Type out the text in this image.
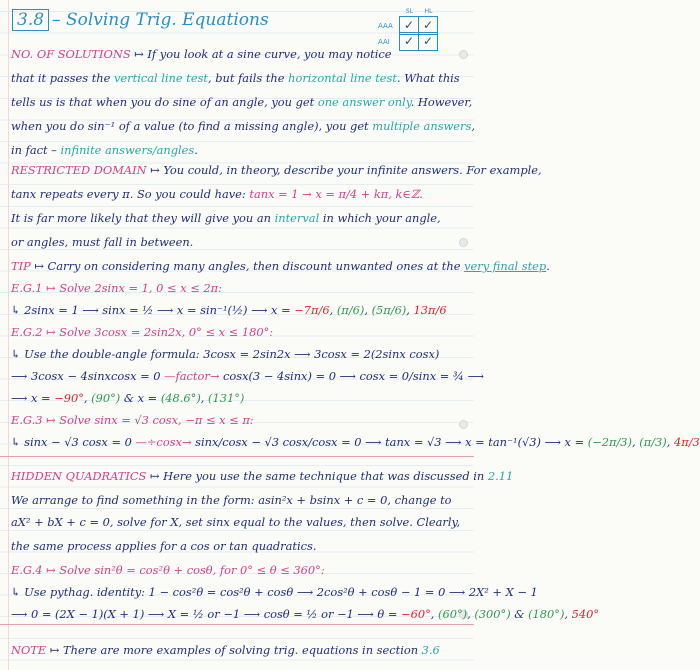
3.8 – Solving Trig. Equations	SL	HL
AAA ✓ ✓
AAI	✓ ✓
NO. OF SOLUTIONS ↦ If you look at a sine curve, you may notice
that it passes the vertical line test, but fails the horizontal line test. What this
tells us is that when you do sine of an angle, you get one answer only. However,
when you do sin⁻¹ of a value (to find a missing angle), you get multiple answers,
in fact – infinite answers/angles.
RESTRICTED DOMAIN ↦ You could, in theory, describe your infinite answers. For example,
tanx repeats every π. So you could have: tanx = 1 → x = π/4 + kπ, k∈ℤ.
It is far more likely that they will give you an interval in which your angle,
or angles, must fall in between.
TIP ↦ Carry on considering many angles, then discount unwanted ones at the very final step.
E.G.1 ↦ Solve 2sinx = 1, 0 ≤ x ≤ 2π:
↳ 2sinx = 1 ⟶ sinx = ½ ⟶ x = sin⁻¹(½) ⟶ x = −7π/6, (π/6), (5π/6), 13π/6
E.G.2 ↦ Solve 3cosx = 2sin2x, 0° ≤ x ≤ 180°:
↳ Use the double-angle formula: 3cosx = 2sin2x ⟶ 3cosx = 2(2sinx cosx)
⟶ 3cosx − 4sinxcosx = 0 —factor→ cosx(3 − 4sinx) = 0 ⟶ cosx = 0/sinx = ¾ ⟶
⟶ x = −90°, (90°) & x = (48.6°), (131°)
E.G.3 ↦ Solve sinx = √3 cosx, −π ≤ x ≤ π:
↳ sinx − √3 cosx = 0 —÷cosx→ sinx/cosx − √3 cosx/cosx = 0 ⟶ tanx = √3 ⟶ x = tan⁻¹(√3) ⟶ x = (−2π/3), (π/3), 4π/3
HIDDEN QUADRATICS ↦ Here you use the same technique that was discussed in 2.11
We arrange to find something in the form: asin²x + bsinx + c = 0, change to
aX² + bX + c = 0, solve for X, set sinx equal to the values, then solve. Clearly,
the same process applies for a cos or tan quadratics.
E.G.4 ↦ Solve sin²θ = cos²θ + cosθ, for 0° ≤ θ ≤ 360°:
↳ Use pythag. identity: 1 − cos²θ = cos²θ + cosθ ⟶ 2cos²θ + cosθ − 1 = 0 ⟶ 2X² + X − 1
⟶ 0 = (2X − 1)(X + 1) ⟶ X = ½ or −1 ⟶ cosθ = ½ or −1 ⟶ θ = −60°, (60°), (300°) & (180°), 540°
NOTE ↦ There are more examples of solving trig. equations in section 3.6
